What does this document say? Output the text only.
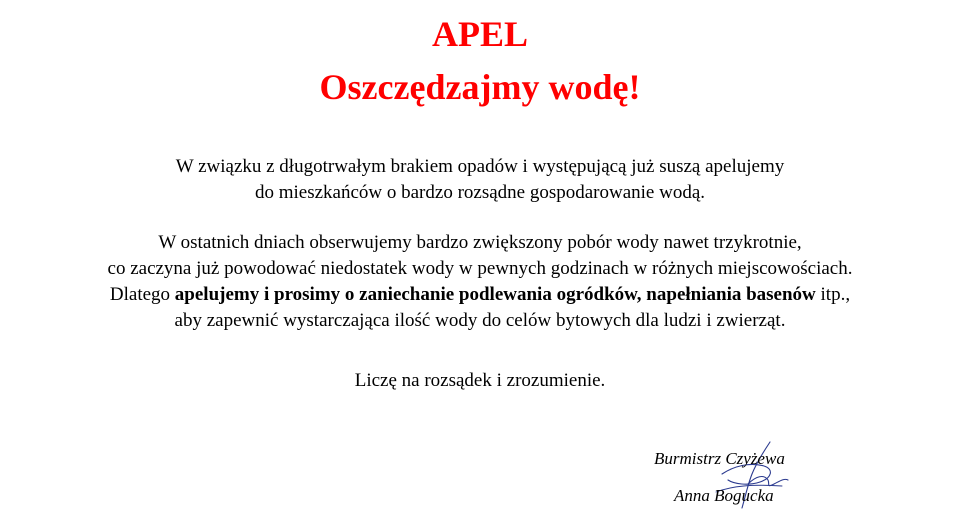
APEL
Oszczędzajmy wodę!
W związku z długotrwałym brakiem opadów i występującą już suszą apelujemy
do mieszkańców o bardzo rozsądne gospodarowanie wodą.
W ostatnich dniach obserwujemy bardzo zwiększony pobór wody nawet trzykrotnie,
co zaczyna już powodować niedostatek wody w pewnych godzinach w różnych miejscowościach.
Dlatego apelujemy i prosimy o zaniechanie podlewania ogródków, napełniania basenów itp.,
aby zapewnić wystarczająca ilość wody do celów bytowych dla ludzi i zwierząt.
Liczę na rozsądek i zrozumienie.

Burmistrz Czyżewa

Anna Bogucka
